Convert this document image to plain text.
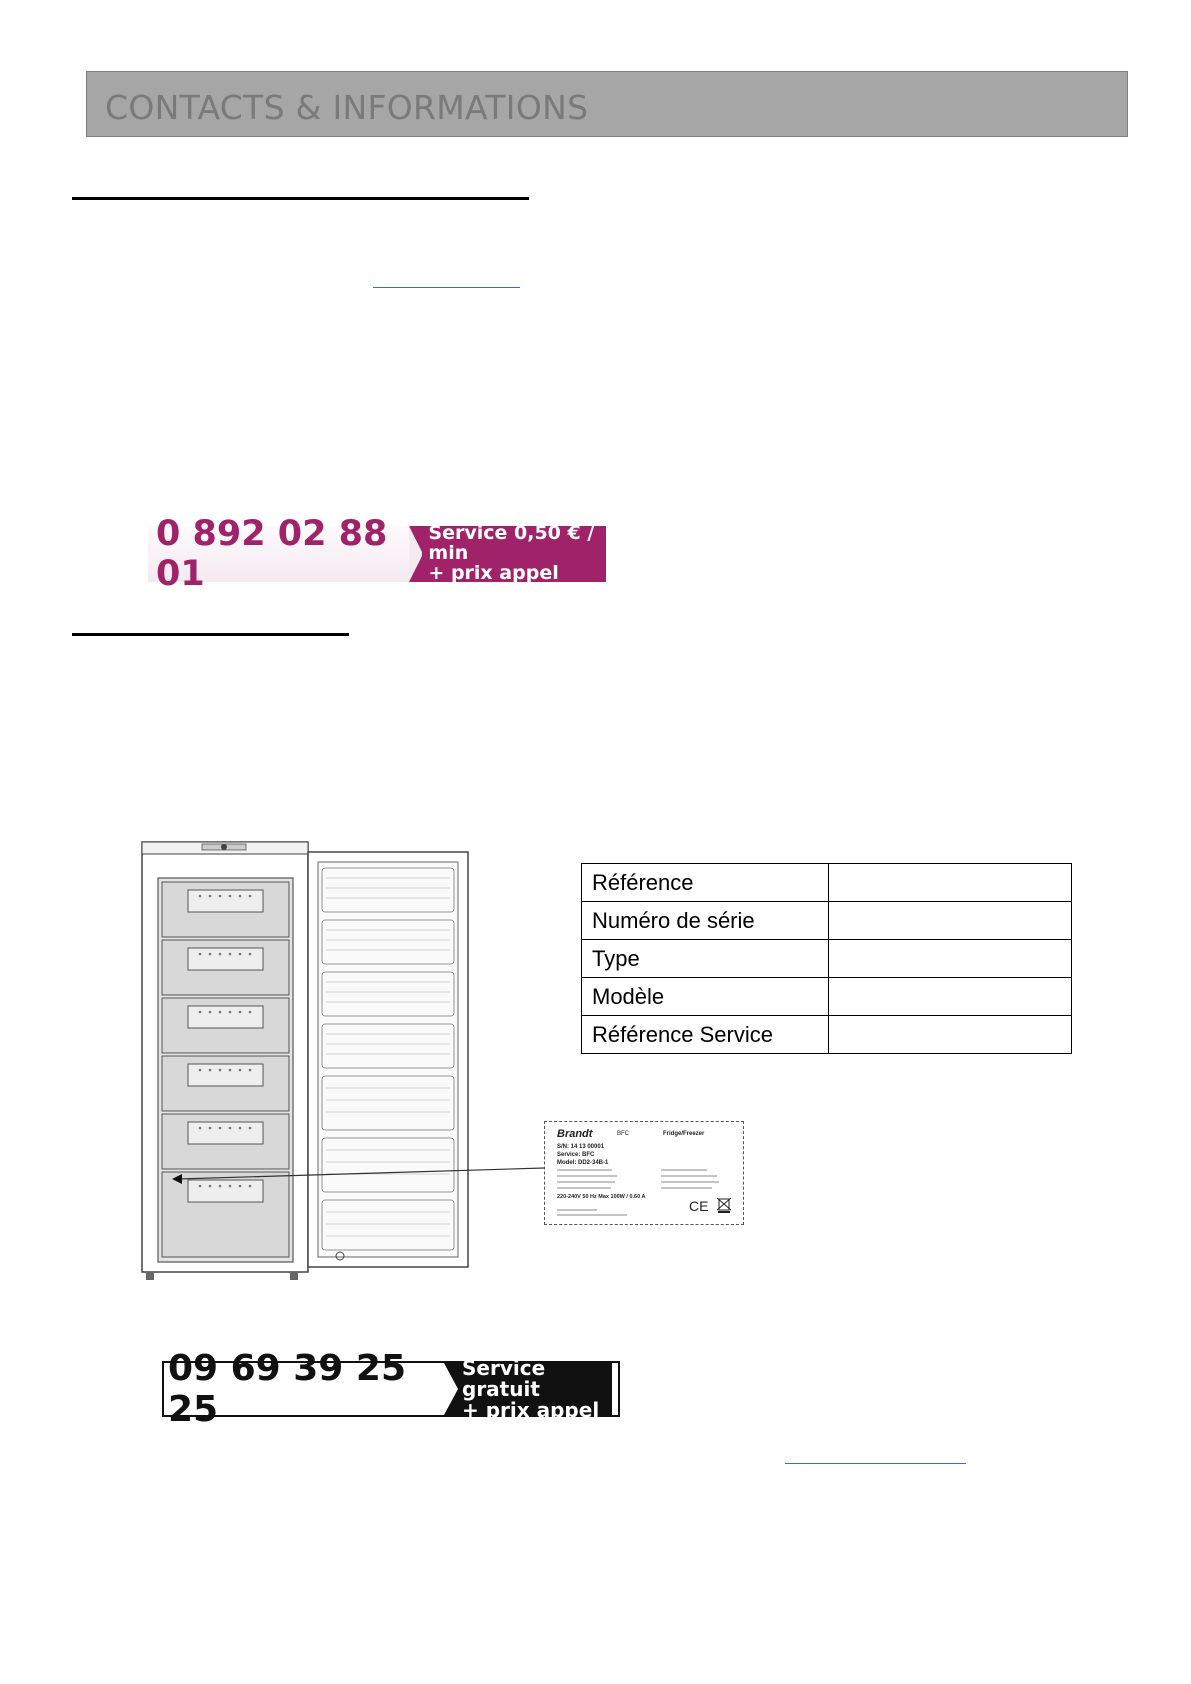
CONTACTS & INFORMATIONS
0 892 02 88 01
Service 0,50 € / min
+ prix appel
Référence	
Numéro de série	
Type	
Modèle	
Référence Service	
Brandt	BFC	Fridge/Freezer
S/N: 14 13 00001
Service: BFC
Model: DD2-34B-1
220-240V 50 Hz Max 100W / 0.60 A
CE
09 69 39 25 25
Service gratuit
+ prix appel
